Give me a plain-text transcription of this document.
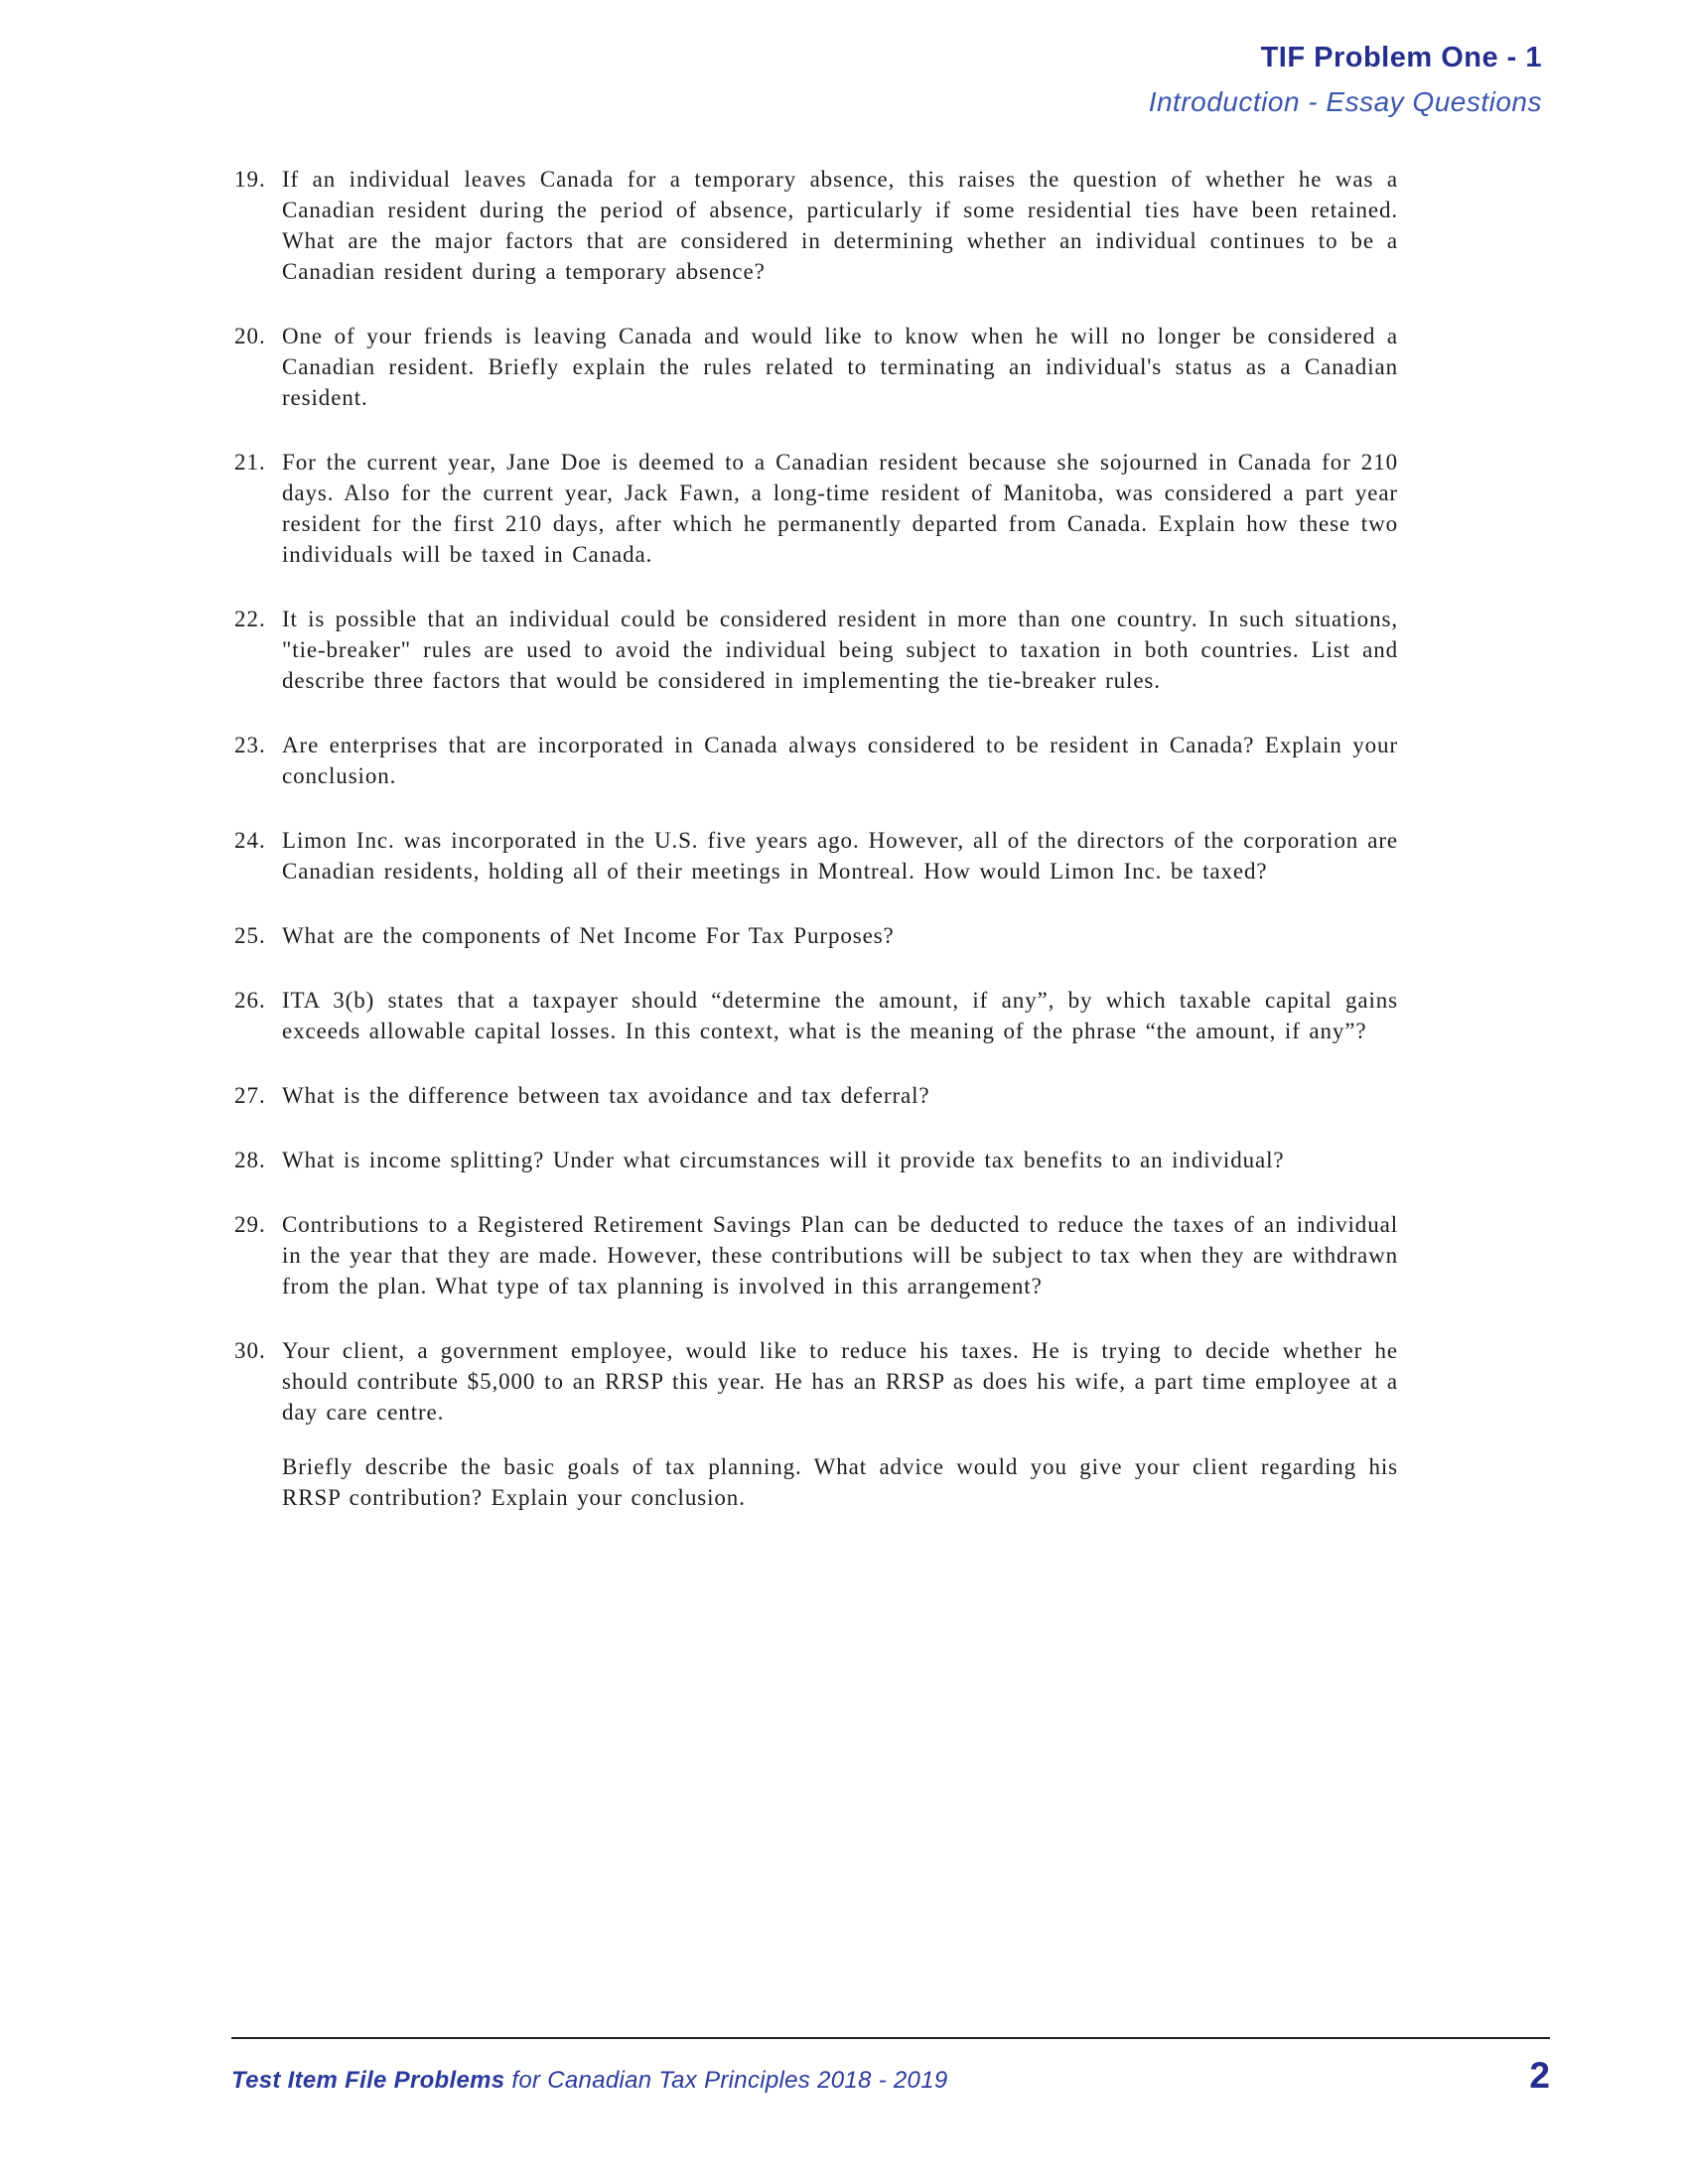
TIF Problem One - 1
Introduction - Essay Questions
19. If an individual leaves Canada for a temporary absence, this raises the question of whether he was a Canadian resident during the period of absence, particularly if some residential ties have been retained. What are the major factors that are considered in determining whether an individual continues to be a Canadian resident during a temporary absence?

20. One of your friends is leaving Canada and would like to know when he will no longer be considered a Canadian resident. Briefly explain the rules related to terminating an individual's status as a Canadian resident.

21. For the current year, Jane Doe is deemed to a Canadian resident because she sojourned in Canada for 210 days. Also for the current year, Jack Fawn, a long-time resident of Manitoba, was considered a part year resident for the first 210 days, after which he permanently departed from Canada. Explain how these two individuals will be taxed in Canada.

22. It is possible that an individual could be considered resident in more than one country. In such situations, "tie-breaker" rules are used to avoid the individual being subject to taxation in both countries. List and describe three factors that would be considered in implementing the tie-breaker rules.

23. Are enterprises that are incorporated in Canada always considered to be resident in Canada? Explain your conclusion.

24. Limon Inc. was incorporated in the U.S. five years ago. However, all of the directors of the corporation are Canadian residents, holding all of their meetings in Montreal. How would Limon Inc. be taxed?

25. What are the components of Net Income For Tax Purposes?

26. ITA 3(b) states that a taxpayer should “determine the amount, if any”, by which taxable capital gains exceeds allowable capital losses. In this context, what is the meaning of the phrase “the amount, if any”?

27. What is the difference between tax avoidance and tax deferral?

28. What is income splitting? Under what circumstances will it provide tax benefits to an individual?

29. Contributions to a Registered Retirement Savings Plan can be deducted to reduce the taxes of an individual in the year that they are made. However, these contributions will be subject to tax when they are withdrawn from the plan. What type of tax planning is involved in this arrangement?

30. Your client, a government employee, would like to reduce his taxes. He is trying to decide whether he should contribute $5,000 to an RRSP this year. He has an RRSP as does his wife, a part time employee at a day care centre.

Briefly describe the basic goals of tax planning. What advice would you give your client regarding his RRSP contribution? Explain your conclusion.

Test Item File Problems for Canadian Tax Principles 2018 - 2019	2
